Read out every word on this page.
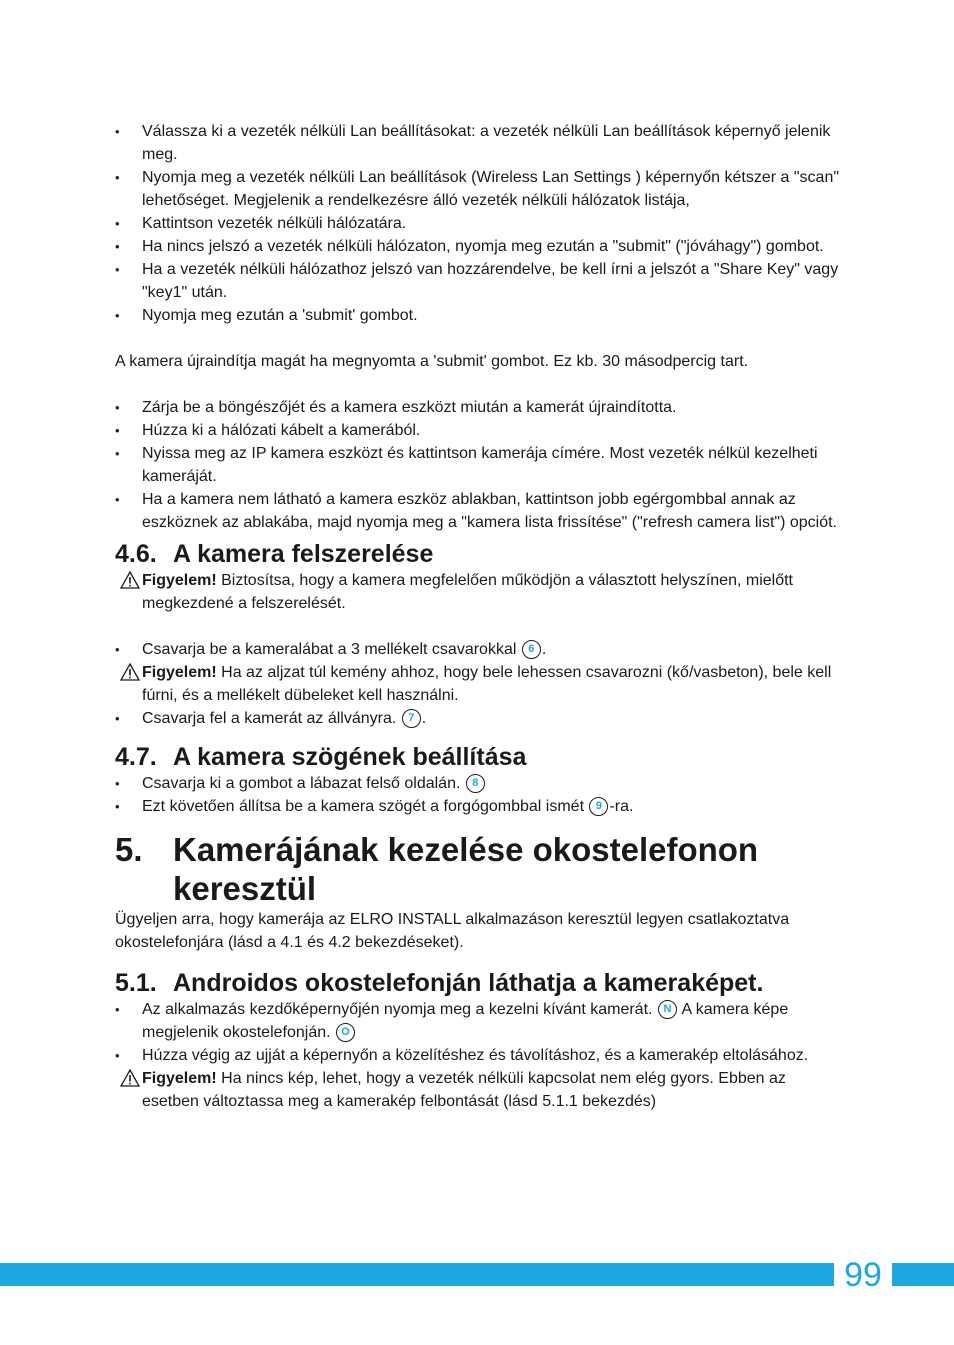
• Válassza ki a vezeték nélküli Lan beállításokat: a vezeték nélküli Lan beállítások képernyő jelenik meg.
• Nyomja meg a vezeték nélküli Lan beállítások (Wireless Lan Settings ) képernyőn kétszer a "scan" lehetőséget. Megjelenik a rendelkezésre álló vezeték nélküli hálózatok listája,
• Kattintson vezeték nélküli hálózatára.
• Ha nincs jelszó a vezeték nélküli hálózaton, nyomja meg ezután a "submit" ("jóváhagy") gombot.
• Ha a vezeték nélküli hálózathoz jelszó van hozzárendelve, be kell írni a jelszót a "Share Key" vagy "key1" után.
• Nyomja meg ezután a 'submit' gombot.

A kamera újraindítja magát ha megnyomta a 'submit' gombot. Ez kb. 30 másodpercig tart.

• Zárja be a böngészőjét és a kamera eszközt miután a kamerát újraindította.
• Húzza ki a hálózati kábelt a kamerából.
• Nyissa meg az IP kamera eszközt és kattintson kamerája címére. Most vezeték nélkül kezelheti kameráját.
• Ha a kamera nem látható a kamera eszköz ablakban, kattintson jobb egérgombbal annak az eszköznek az ablakába, majd nyomja meg a "kamera lista frissítése" ("refresh camera list") opciót.
4.6. A kamera felszerelése
Figyelem! Biztosítsa, hogy a kamera megfelelően működjön a választott helyszínen, mielőtt megkezdené a felszerelését.
• Csavarja be a kameralábat a 3 mellékelt csavarokkal 6 .
Figyelem! Ha az aljzat túl kemény ahhoz, hogy bele lehessen csavarozni (kő/vasbeton), bele kell fúrni, és a mellékelt dübeleket kell használni.
• Csavarja fel a kamerát az állványra. 7 .
4.7. A kamera szögének beállítása
• Csavarja ki a gombot a lábazat felső oldalán. 8
• Ezt követően állítsa be a kamera szögét a forgógombbal ismét 9 -ra.
5. Kamerájának kezelése okostelefonon keresztül

Ügyeljen arra, hogy kamerája az ELRO INSTALL alkalmazáson keresztül legyen csatlakoztatva okostelefonjára (lásd a 4.1 és 4.2 bekezdéseket).

5.1. Androidos okostelefonján láthatja a kameraképet.
• Az alkalmazás kezdőképernyőjén nyomja meg a kezelni kívánt kamerát. N A kamera képe megjelenik okostelefonján. O
• Húzza végig az ujját a képernyőn a közelítéshez és távolításhoz, és a kamerakép eltolásához.
Figyelem! Ha nincs kép, lehet, hogy a vezeték nélküli kapcsolat nem elég gyors. Ebben az esetben változtassa meg a kamerakép felbontását (lásd 5.1.1 bekezdés)
99
